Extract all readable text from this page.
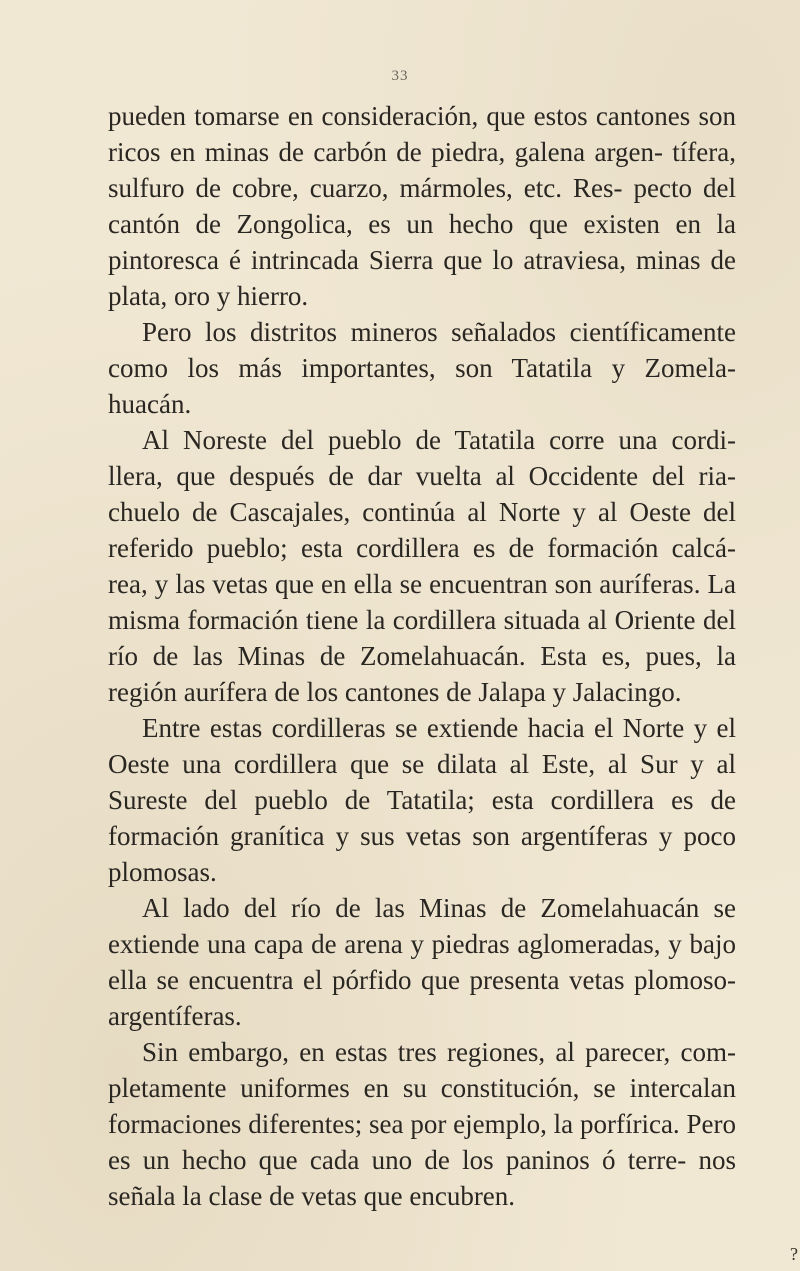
33

pueden tomarse en consideración, que estos cantones son ricos en minas de carbón de piedra, galena argen- tífera, sulfuro de cobre, cuarzo, mármoles, etc. Res- pecto del cantón de Zongolica, es un hecho que existen en la pintoresca é intrincada Sierra que lo atraviesa, minas de plata, oro y hierro.

Pero los distritos mineros señalados científicamente como los más importantes, son Tatatila y Zomela- huacán.

Al Noreste del pueblo de Tatatila corre una cordi- llera, que después de dar vuelta al Occidente del ria- chuelo de Cascajales, continúa al Norte y al Oeste del referido pueblo; esta cordillera es de formación calcá- rea, y las vetas que en ella se encuentran son auríferas. La misma formación tiene la cordillera situada al Oriente del río de las Minas de Zomelahuacán. Esta es, pues, la región aurífera de los cantones de Jalapa y Jalacingo.

Entre estas cordilleras se extiende hacia el Norte y el Oeste una cordillera que se dilata al Este, al Sur y al Sureste del pueblo de Tatatila; esta cordillera es de formación granítica y sus vetas son argentíferas y poco plomosas.

Al lado del río de las Minas de Zomelahuacán se extiende una capa de arena y piedras aglomeradas, y bajo ella se encuentra el pórfido que presenta vetas plomoso-argentíferas.

Sin embargo, en estas tres regiones, al parecer, com- pletamente uniformes en su constitución, se intercalan formaciones diferentes; sea por ejemplo, la porfírica. Pero es un hecho que cada uno de los paninos ó terre- nos señala la clase de vetas que encubren.

?
